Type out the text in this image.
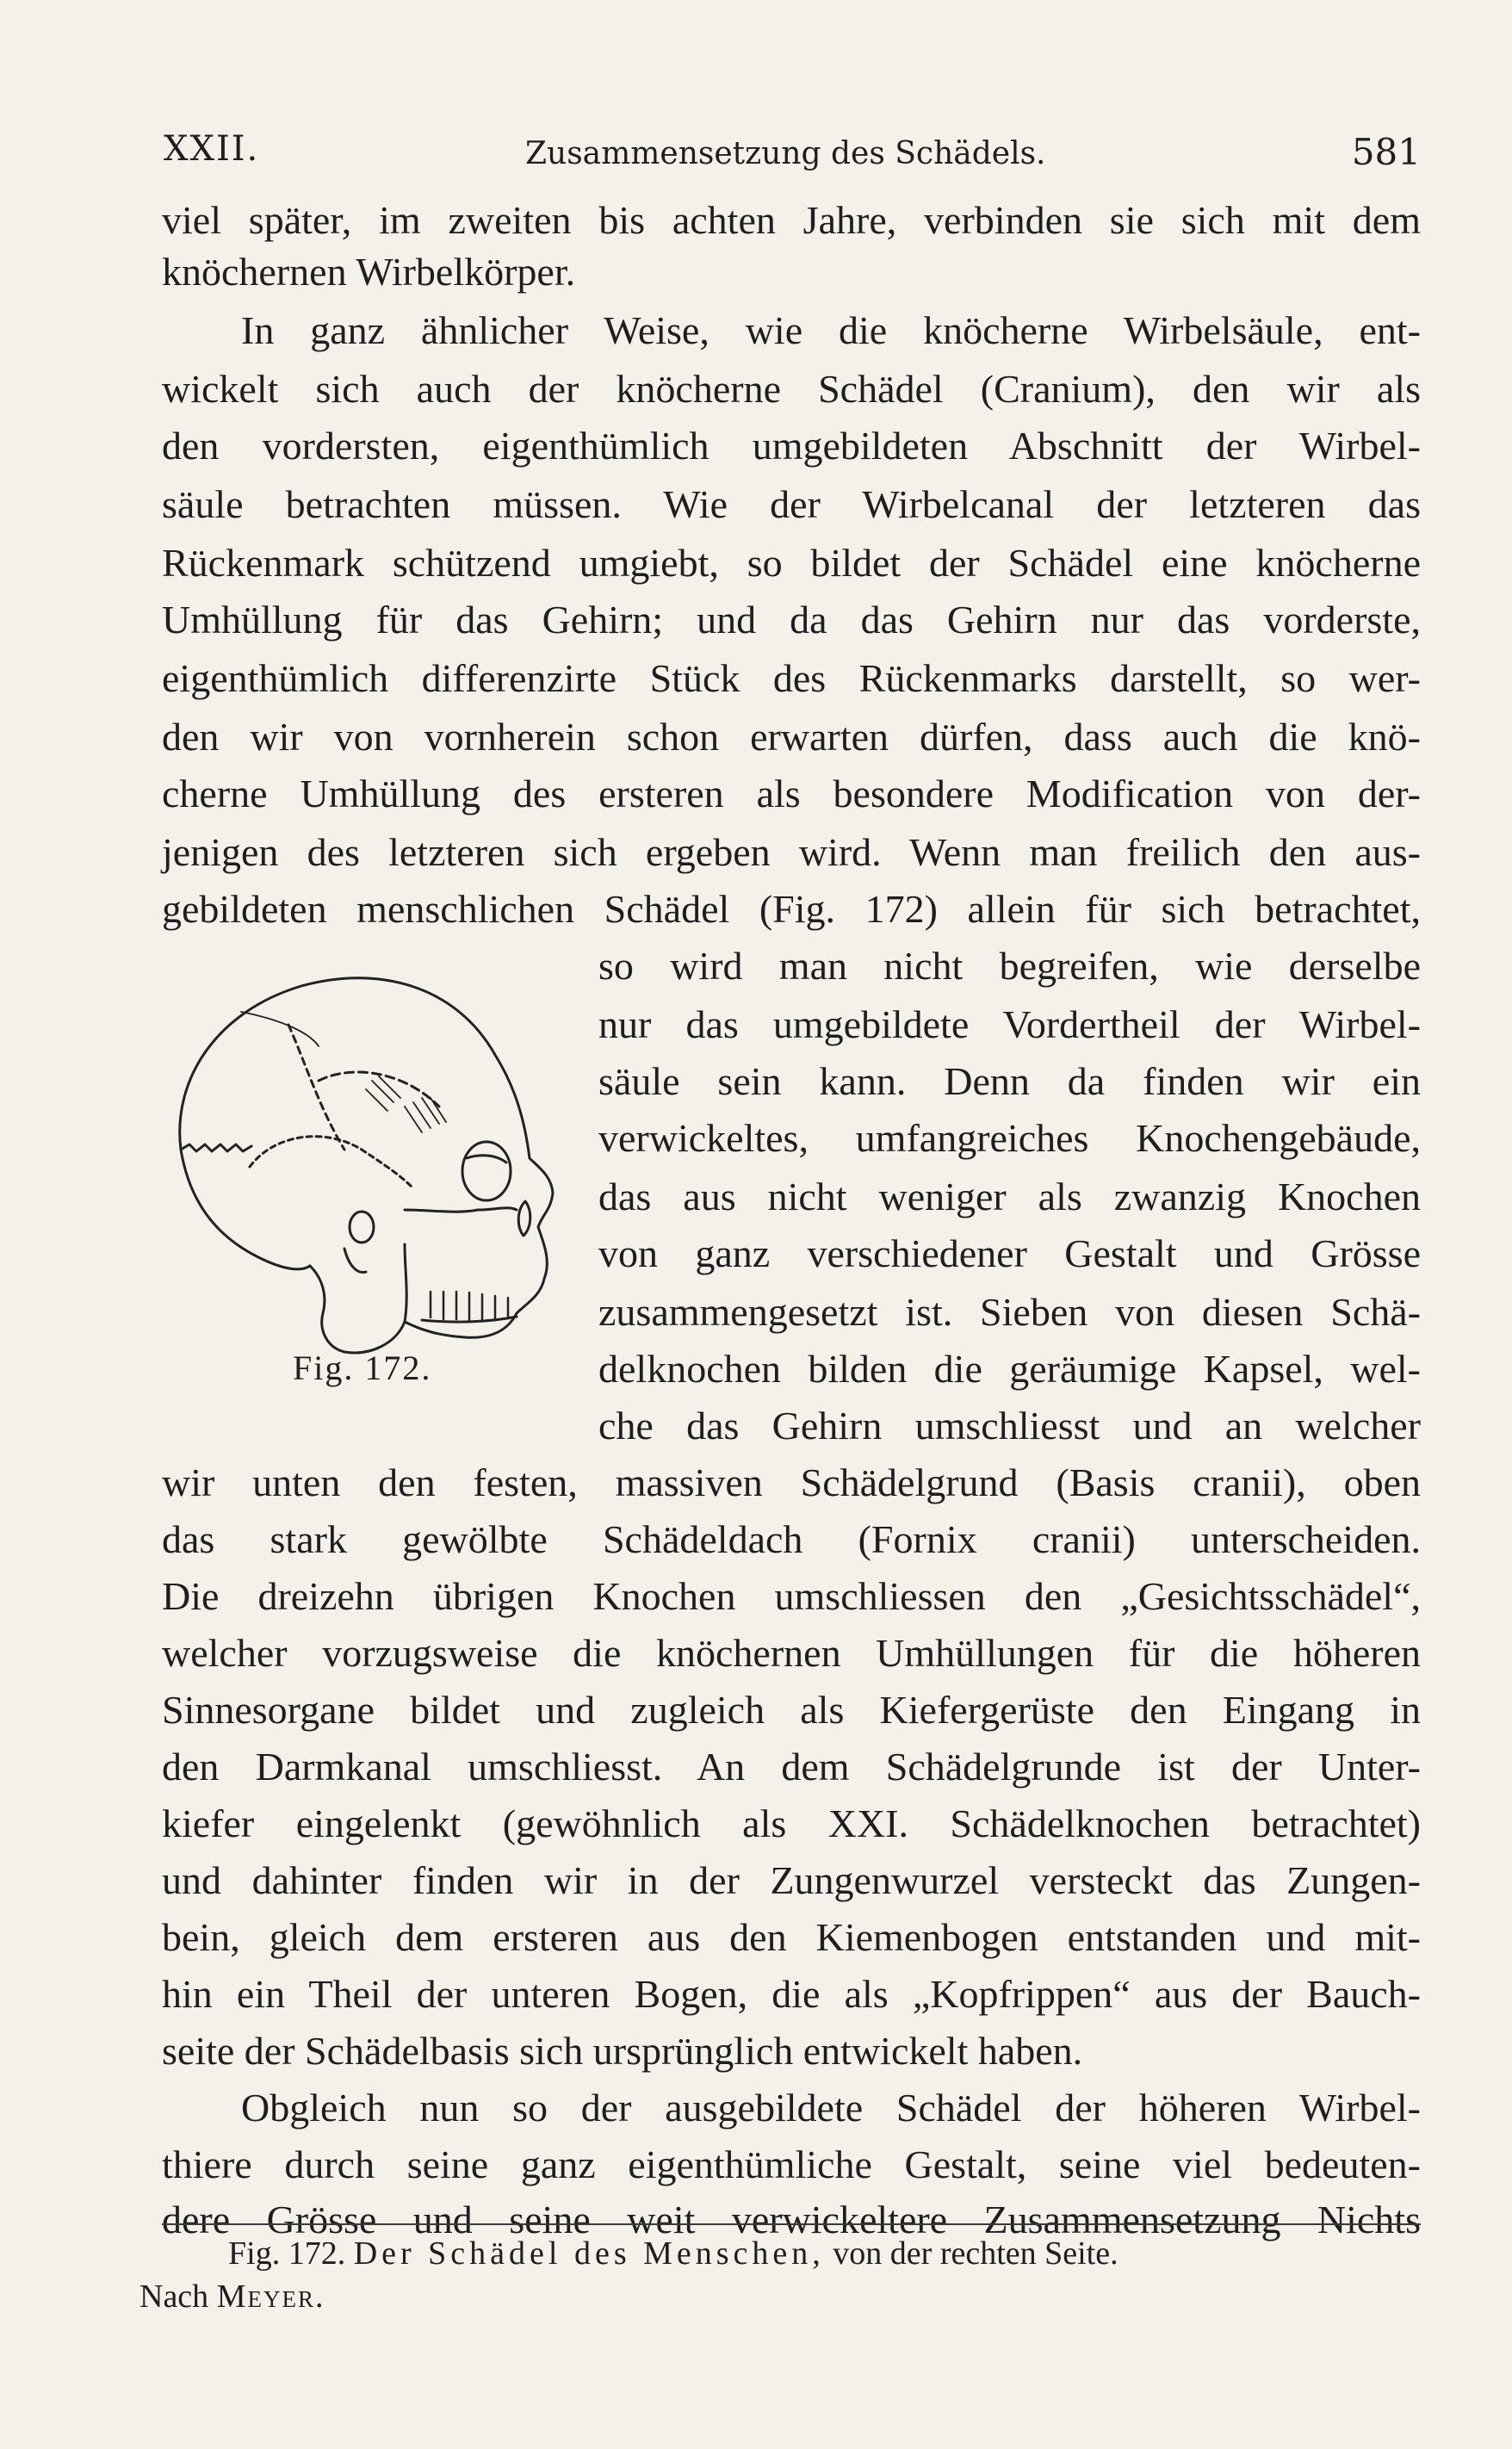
XXII.	Zusammensetzung des Schädels.	581
viel später, im zweiten bis achten Jahre, verbinden sie sich mit dem
knöchernen Wirbelkörper.
In ganz ähnlicher Weise, wie die knöcherne Wirbelsäule, ent-
wickelt sich auch der knöcherne Schädel (Cranium), den wir als
den vordersten, eigenthümlich umgebildeten Abschnitt der Wirbel-
säule betrachten müssen. Wie der Wirbelcanal der letzteren das
Rückenmark schützend umgiebt, so bildet der Schädel eine knöcherne
Umhüllung für das Gehirn; und da das Gehirn nur das vorderste,
eigenthümlich differenzirte Stück des Rückenmarks darstellt, so wer-
den wir von vornherein schon erwarten dürfen, dass auch die knö-
cherne Umhüllung des ersteren als besondere Modification von der-
jenigen des letzteren sich ergeben wird. Wenn man freilich den aus-
gebildeten menschlichen Schädel (Fig. 172) allein für sich betrachtet,
so wird man nicht begreifen, wie derselbe
nur das umgebildete Vordertheil der Wirbel-
säule sein kann. Denn da finden wir ein
verwickeltes, umfangreiches Knochengebäude,
das aus nicht weniger als zwanzig Knochen
von ganz verschiedener Gestalt und Grösse
zusammengesetzt ist. Sieben von diesen Schä-
delknochen bilden die geräumige Kapsel, wel-
che das Gehirn umschliesst und an welcher
wir unten den festen, massiven Schädelgrund (Basis cranii), oben
das stark gewölbte Schädeldach (Fornix cranii) unterscheiden.
Die dreizehn übrigen Knochen umschliessen den „Gesichtsschädel“,
welcher vorzugsweise die knöchernen Umhüllungen für die höheren
Sinnesorgane bildet und zugleich als Kiefergerüste den Eingang in
den Darmkanal umschliesst. An dem Schädelgrunde ist der Unter-
kiefer eingelenkt (gewöhnlich als XXI. Schädelknochen betrachtet)
und dahinter finden wir in der Zungenwurzel versteckt das Zungen-
bein, gleich dem ersteren aus den Kiemenbogen entstanden und mit-
hin ein Theil der unteren Bogen, die als „Kopfrippen“ aus der Bauch-
seite der Schädelbasis sich ursprünglich entwickelt haben.
Obgleich nun so der ausgebildete Schädel der höheren Wirbel-
thiere durch seine ganz eigenthümliche Gestalt, seine viel bedeuten-
dere Grösse und seine weit verwickeltere Zusammensetzung Nichts
Fig. 172.
Fig. 172. Der Schädel des Menschen, von der rechten Seite.
Nach Meyer.
